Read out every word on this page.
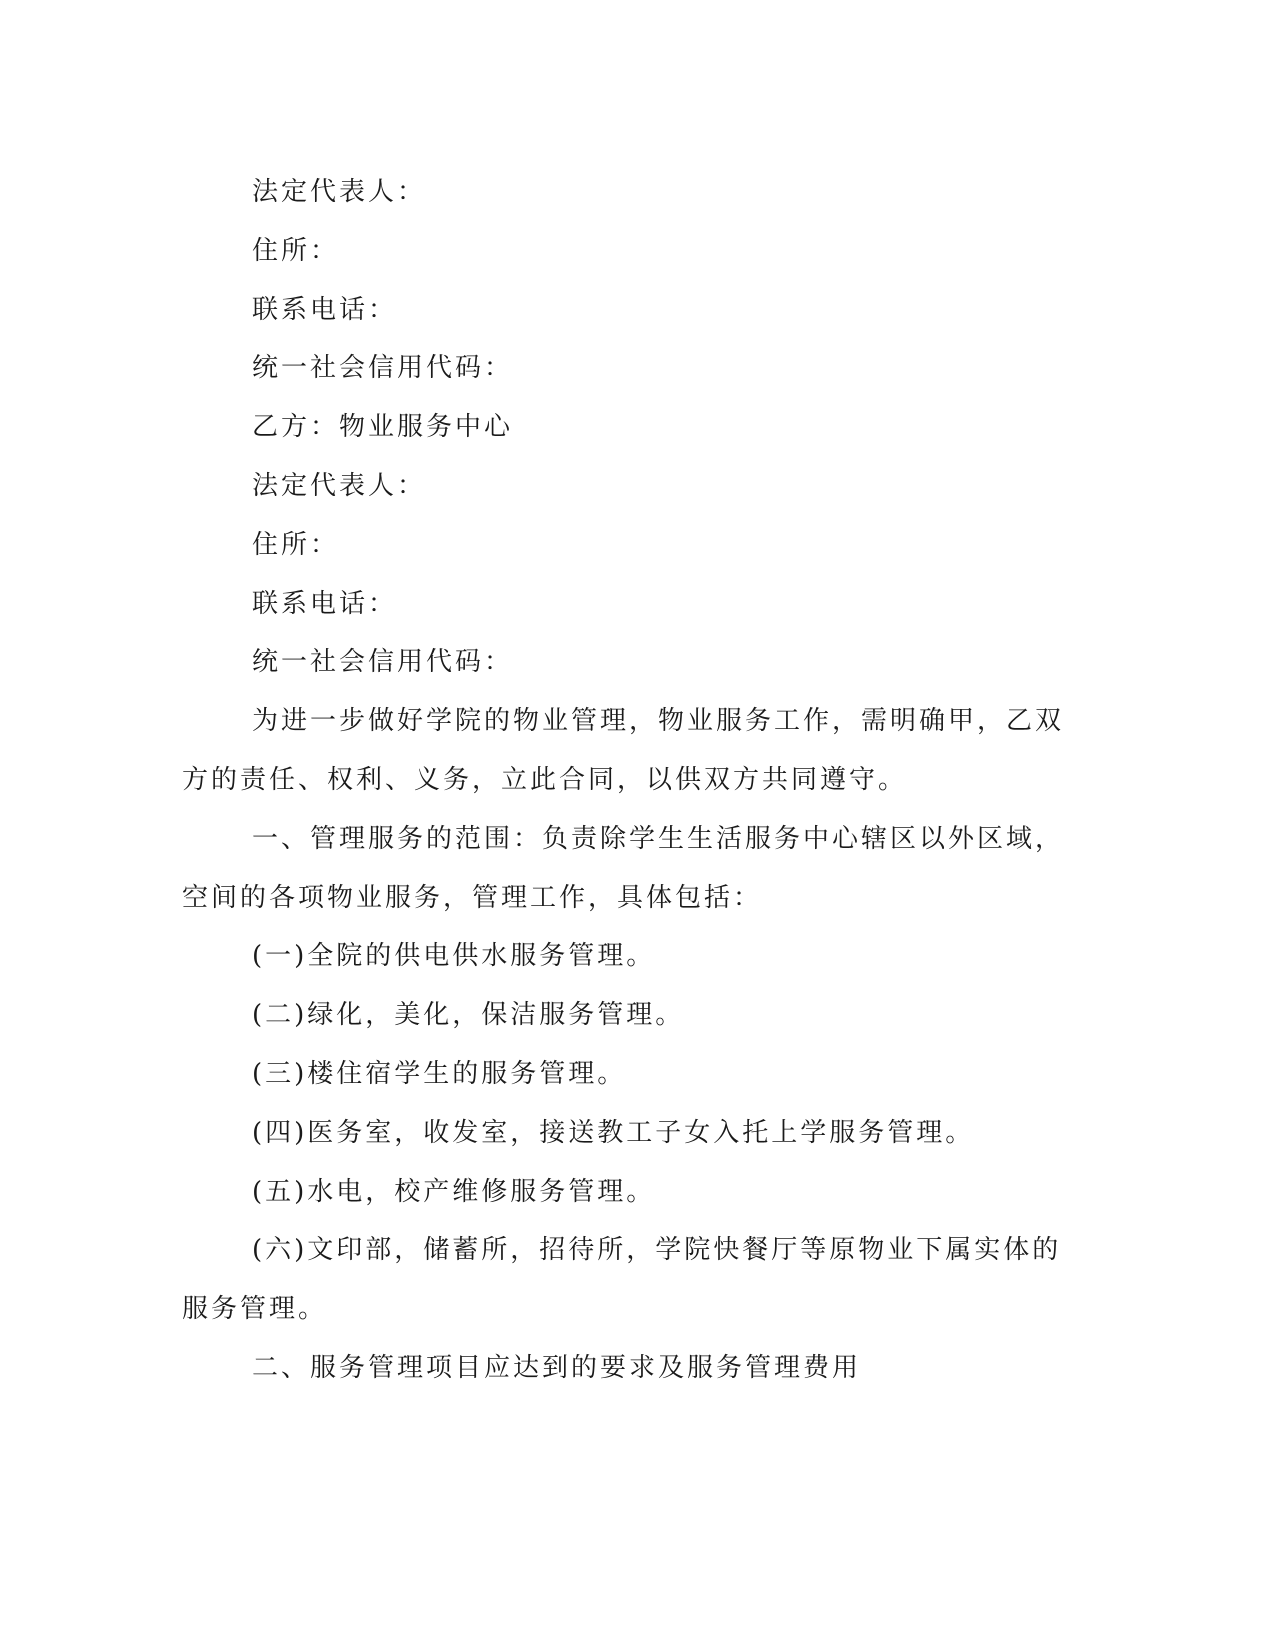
法定代表人：
住所：
联系电话：
统一社会信用代码：
乙方：物业服务中心
法定代表人：
住所：
联系电话：
统一社会信用代码：
为进一步做好学院的物业管理，物业服务工作，需明确甲，乙双
方的责任、权利、义务，立此合同，以供双方共同遵守。
一、管理服务的范围：负责除学生生活服务中心辖区以外区域，
空间的各项物业服务，管理工作，具体包括：
(一)全院的供电供水服务管理。
(二)绿化，美化，保洁服务管理。
(三)楼住宿学生的服务管理。
(四)医务室，收发室，接送教工子女入托上学服务管理。
(五)水电，校产维修服务管理。
(六)文印部，储蓄所，招待所，学院快餐厅等原物业下属实体的
服务管理。
二、服务管理项目应达到的要求及服务管理费用
